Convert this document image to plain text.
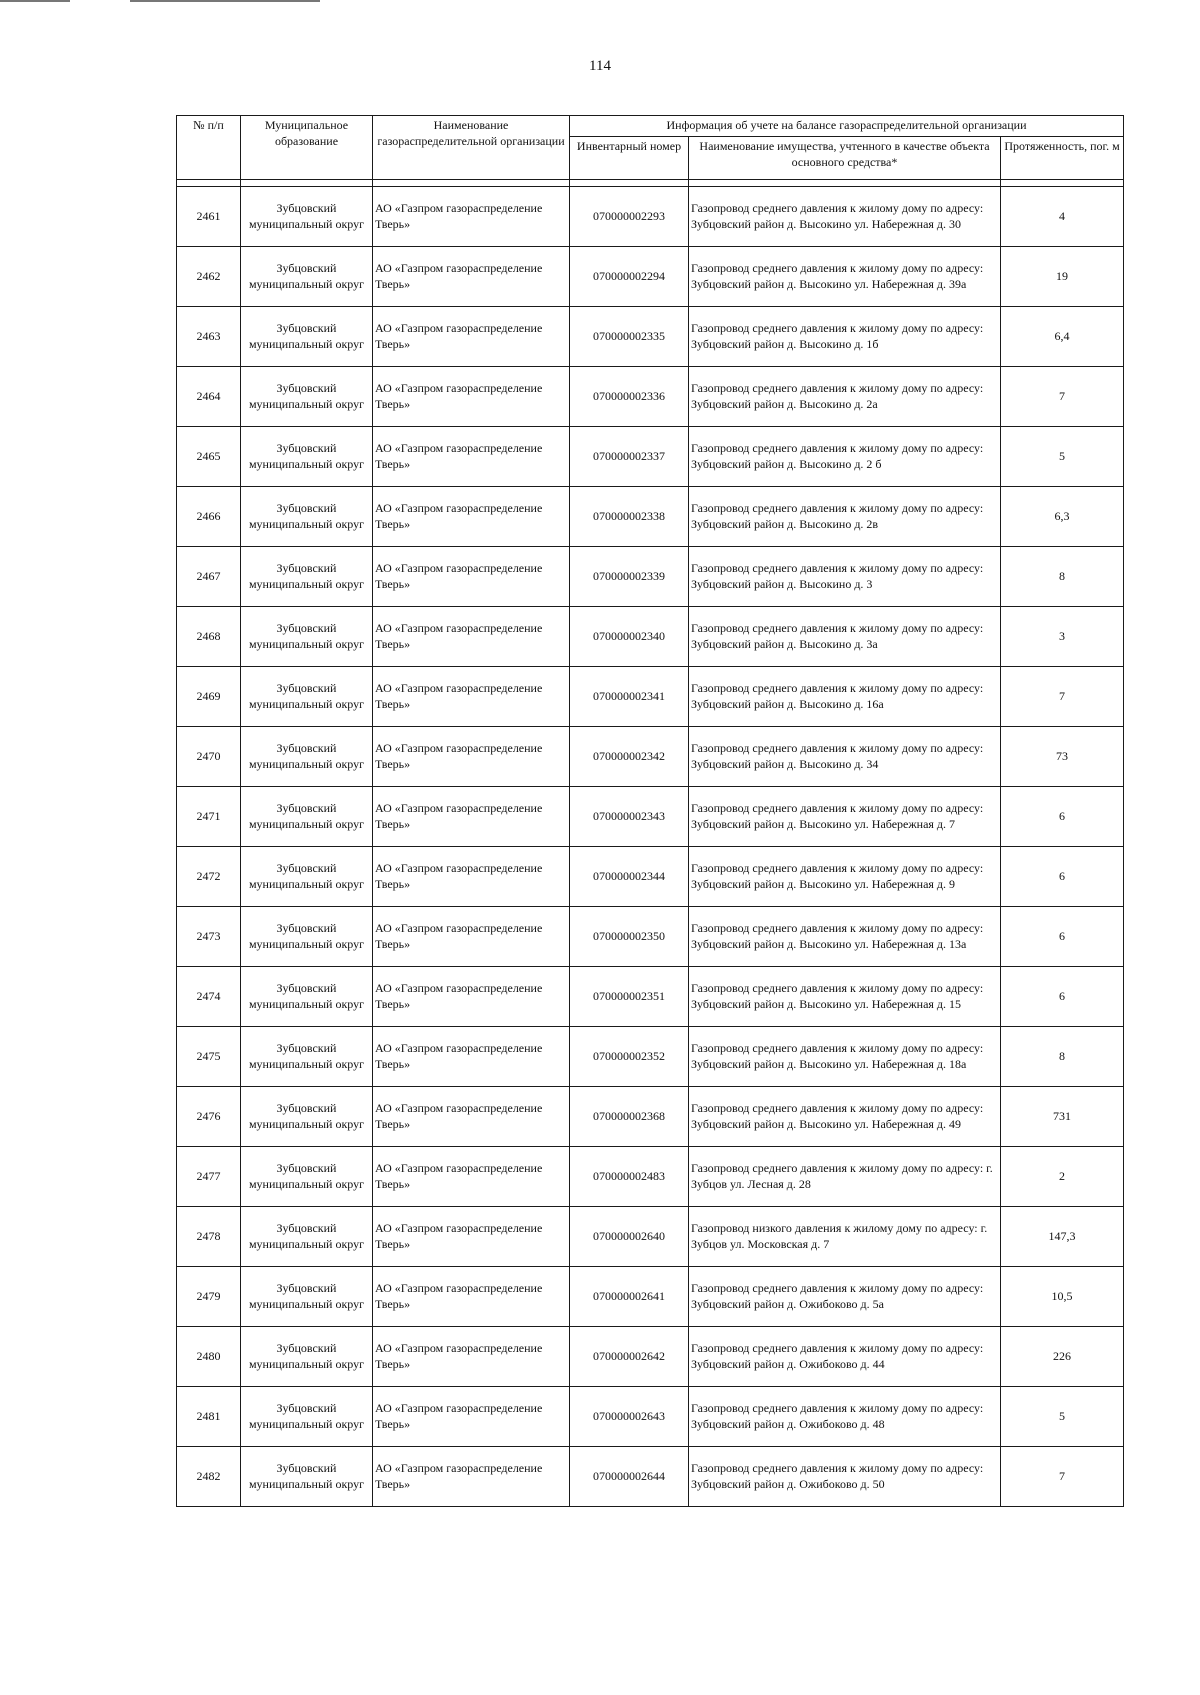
114
№ п/п	Муниципальное образование	Наименование газораспределительной организации	Информация об учете на балансе газораспределительной организации		
			Инвентарный номер	Наименование имущества, учтенного в качестве объекта основного средства*	Протяженность, пог. м

2461	Зубцовский муниципальный округ	АО «Газпром газораспределение Тверь»	070000002293	Газопровод среднего давления к жилому дому по адресу: Зубцовский район д. Высокино ул. Набережная д. 30	4
2462	Зубцовский муниципальный округ	АО «Газпром газораспределение Тверь»	070000002294	Газопровод среднего давления к жилому дому по адресу: Зубцовский район д. Высокино ул. Набережная д. 39а	19
2463	Зубцовский муниципальный округ	АО «Газпром газораспределение Тверь»	070000002335	Газопровод среднего давления к жилому дому по адресу: Зубцовский район д. Высокино д. 1б	6,4
2464	Зубцовский муниципальный округ	АО «Газпром газораспределение Тверь»	070000002336	Газопровод среднего давления к жилому дому по адресу: Зубцовский район д. Высокино д. 2а	7
2465	Зубцовский муниципальный округ	АО «Газпром газораспределение Тверь»	070000002337	Газопровод среднего давления к жилому дому по адресу: Зубцовский район д. Высокино д. 2 б	5
2466	Зубцовский муниципальный округ	АО «Газпром газораспределение Тверь»	070000002338	Газопровод среднего давления к жилому дому по адресу: Зубцовский район д. Высокино д. 2в	6,3
2467	Зубцовский муниципальный округ	АО «Газпром газораспределение Тверь»	070000002339	Газопровод среднего давления к жилому дому по адресу: Зубцовский район д. Высокино д. 3	8
2468	Зубцовский муниципальный округ	АО «Газпром газораспределение Тверь»	070000002340	Газопровод среднего давления к жилому дому по адресу: Зубцовский район д. Высокино д. 3а	3
2469	Зубцовский муниципальный округ	АО «Газпром газораспределение Тверь»	070000002341	Газопровод среднего давления к жилому дому по адресу: Зубцовский район д. Высокино д. 16а	7
2470	Зубцовский муниципальный округ	АО «Газпром газораспределение Тверь»	070000002342	Газопровод среднего давления к жилому дому по адресу: Зубцовский район д. Высокино д. 34	73
2471	Зубцовский муниципальный округ	АО «Газпром газораспределение Тверь»	070000002343	Газопровод среднего давления к жилому дому по адресу: Зубцовский район д. Высокино ул. Набережная д. 7	6
2472	Зубцовский муниципальный округ	АО «Газпром газораспределение Тверь»	070000002344	Газопровод среднего давления к жилому дому по адресу: Зубцовский район д. Высокино ул. Набережная д. 9	6
2473	Зубцовский муниципальный округ	АО «Газпром газораспределение Тверь»	070000002350	Газопровод среднего давления к жилому дому по адресу: Зубцовский район д. Высокино ул. Набережная д. 13а	6
2474	Зубцовский муниципальный округ	АО «Газпром газораспределение Тверь»	070000002351	Газопровод среднего давления к жилому дому по адресу: Зубцовский район д. Высокино ул. Набережная д. 15	6
2475	Зубцовский муниципальный округ	АО «Газпром газораспределение Тверь»	070000002352	Газопровод среднего давления к жилому дому по адресу: Зубцовский район д. Высокино ул. Набережная д. 18а	8
2476	Зубцовский муниципальный округ	АО «Газпром газораспределение Тверь»	070000002368	Газопровод среднего давления к жилому дому по адресу: Зубцовский район д. Высокино ул. Набережная д. 49	731
2477	Зубцовский муниципальный округ	АО «Газпром газораспределение Тверь»	070000002483	Газопровод среднего давления к жилому дому по адресу: г. Зубцов ул. Лесная д. 28	2
2478	Зубцовский муниципальный округ	АО «Газпром газораспределение Тверь»	070000002640	Газопровод низкого давления к жилому дому по адресу: г. Зубцов ул. Московская д. 7	147,3
2479	Зубцовский муниципальный округ	АО «Газпром газораспределение Тверь»	070000002641	Газопровод среднего давления к жилому дому по адресу: Зубцовский район д. Ожибоково д. 5а	10,5
2480	Зубцовский муниципальный округ	АО «Газпром газораспределение Тверь»	070000002642	Газопровод среднего давления к жилому дому по адресу: Зубцовский район д. Ожибоково д. 44	226
2481	Зубцовский муниципальный округ	АО «Газпром газораспределение Тверь»	070000002643	Газопровод среднего давления к жилому дому по адресу: Зубцовский район д. Ожибоково д. 48	5
2482	Зубцовский муниципальный округ	АО «Газпром газораспределение Тверь»	070000002644	Газопровод среднего давления к жилому дому по адресу: Зубцовский район д. Ожибоково д. 50	7
